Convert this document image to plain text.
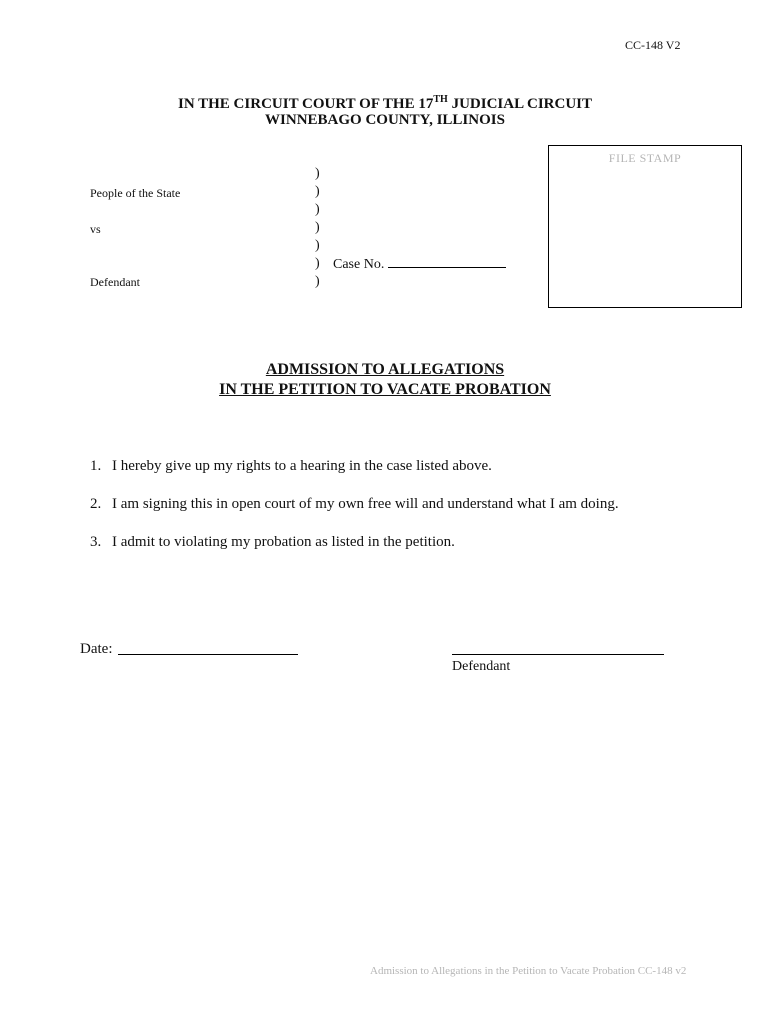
CC-148 V2
IN THE CIRCUIT COURT OF THE 17TH JUDICIAL CIRCUIT
WINNEBAGO COUNTY, ILLINOIS
FILE STAMP
People of the State
vs
Defendant
)
)
)
)
)
)
)
Case No.
ADMISSION TO ALLEGATIONS
IN THE PETITION TO VACATE PROBATION
1. I hereby give up my rights to a hearing in the case listed above.
2. I am signing this in open court of my own free will and understand what I am doing.
3. I admit to violating my probation as listed in the petition.
Date:
Defendant
Admission to Allegations in the Petition to Vacate Probation CC-148 v2
